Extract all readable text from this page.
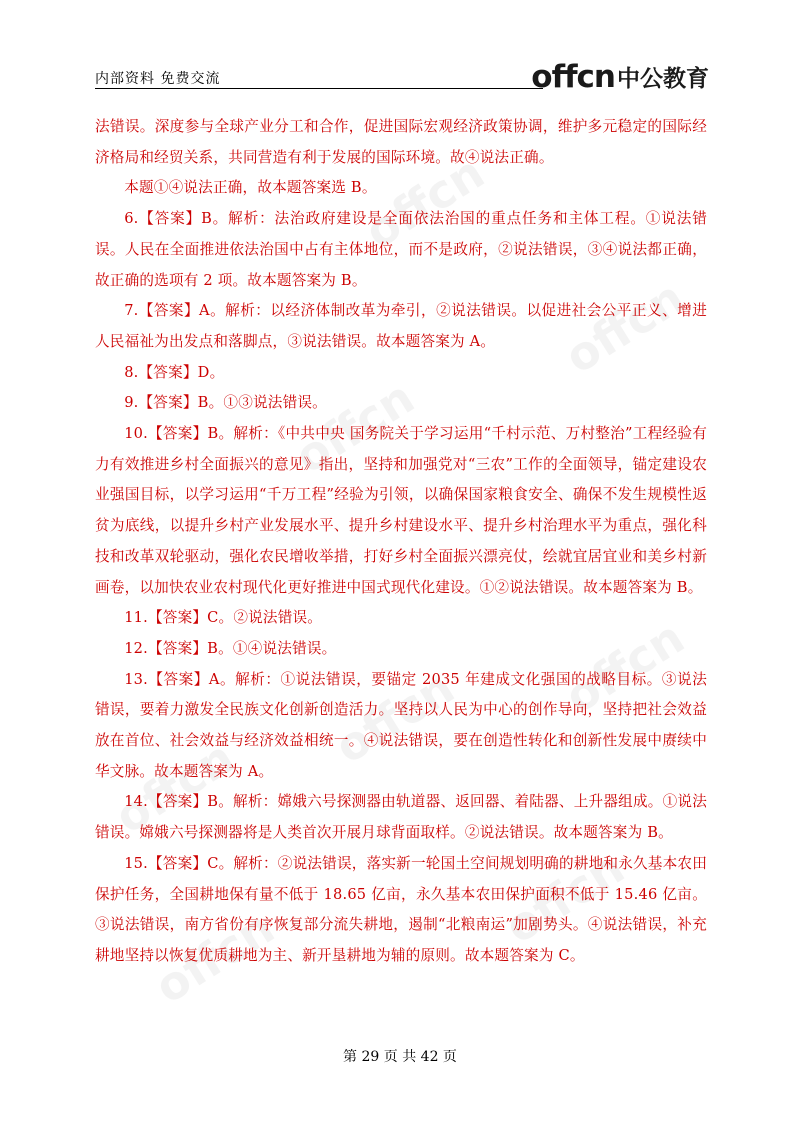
内部资料 免费交流	offcn 中公教育

法错误。深度参与全球产业分工和合作，促进国际宏观经济政策协调，维护多元稳定的国际经济格局和经贸关系，共同营造有利于发展的国际环境。故④说法正确。

本题①④说法正确，故本题答案选 B。

6.【答案】B。解析：法治政府建设是全面依法治国的重点任务和主体工程。①说法错误。人民在全面推进依法治国中占有主体地位，而不是政府，②说法错误，③④说法都正确，故正确的选项有 2 项。故本题答案为 B。

7.【答案】A。解析：以经济体制改革为牵引，②说法错误。以促进社会公平正义、增进人民福祉为出发点和落脚点，③说法错误。故本题答案为 A。

8.【答案】D。

9.【答案】B。①③说法错误。

10.【答案】B。解析：《中共中央 国务院关于学习运用“千村示范、万村整治”工程经验有力有效推进乡村全面振兴的意见》指出，坚持和加强党对“三农”工作的全面领导，锚定建设农业强国目标，以学习运用“千万工程”经验为引领，以确保国家粮食安全、确保不发生规模性返贫为底线，以提升乡村产业发展水平、提升乡村建设水平、提升乡村治理水平为重点，强化科技和改革双轮驱动，强化农民增收举措，打好乡村全面振兴漂亮仗，绘就宜居宜业和美乡村新画卷，以加快农业农村现代化更好推进中国式现代化建设。①②说法错误。故本题答案为 B。

11.【答案】C。②说法错误。

12.【答案】B。①④说法错误。

13.【答案】A。解析：①说法错误，要锚定 2035 年建成文化强国的战略目标。③说法错误，要着力激发全民族文化创新创造活力。坚持以人民为中心的创作导向，坚持把社会效益放在首位、社会效益与经济效益相统一。④说法错误，要在创造性转化和创新性发展中赓续中华文脉。故本题答案为 A。

14.【答案】B。解析：嫦娥六号探测器由轨道器、返回器、着陆器、上升器组成。①说法错误。嫦娥六号探测器将是人类首次开展月球背面取样。②说法错误。故本题答案为 B。

15.【答案】C。解析：②说法错误，落实新一轮国土空间规划明确的耕地和永久基本农田保护任务，全国耕地保有量不低于 18.65 亿亩，永久基本农田保护面积不低于 15.46 亿亩。③说法错误，南方省份有序恢复部分流失耕地，遏制“北粮南运”加剧势头。④说法错误，补充耕地坚持以恢复优质耕地为主、新开垦耕地为辅的原则。故本题答案为 C。

第 29 页 共 42 页
